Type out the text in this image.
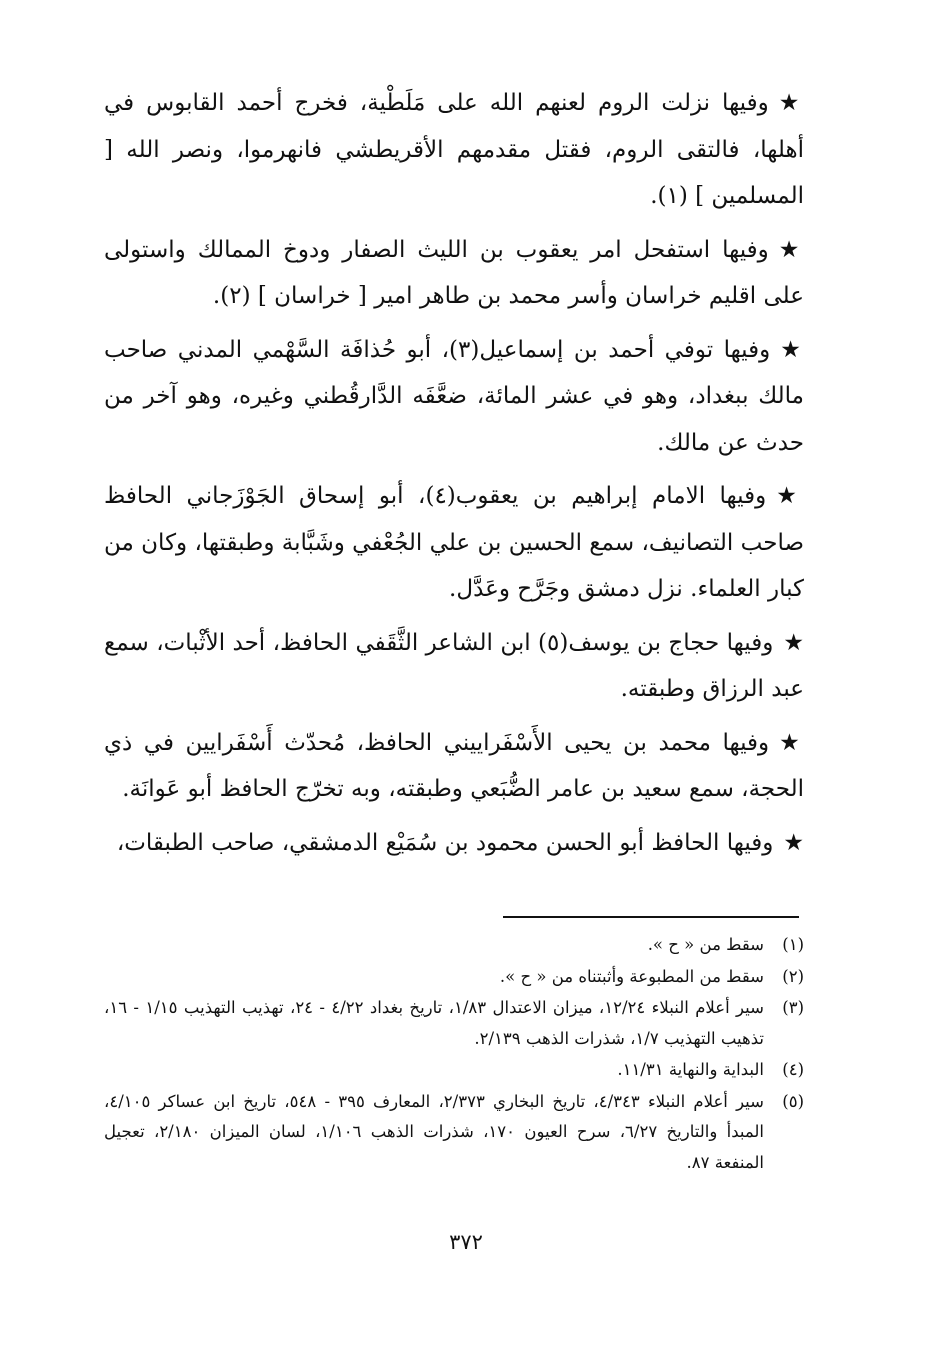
★وفيها نزلت الروم لعنهم الله على مَلَطْية، فخرج أحمد القابوس في أهلها، فالتقى الروم، فقتل مقدمهم الأقريطشي فانهرموا، ونصر الله [ المسلمين ] (١).

★وفيها استفحل امر يعقوب بن الليث الصفار ودوخ الممالك واستولى على اقليم خراسان وأسر محمد بن طاهر امير [ خراسان ] (٢).

★وفيها توفي أحمد بن إسماعيل(٣)، أبو حُذافَة السَّهْمي المدني صاحب مالك ببغداد، وهو في عشر المائة، ضعَّفَه الدَّارقُطني وغيره، وهو آخر من حدث عن مالك.

★وفيها الامام إبراهيم بن يعقوب(٤)، أبو إسحاق الجَوْزَجاني الحافظ صاحب التصانيف، سمع الحسين بن علي الجُعْفي وشَبَّابة وطبقتها، وكان من كبار العلماء. نزل دمشق وجَرَّح وعَدَّل.

★وفيها حجاج بن يوسف(٥) ابن الشاعر الثَّقَفي الحافظ، أحد الأثْبات، سمع عبد الرزاق وطبقته.

★وفيها محمد بن يحيى الأَسْفَراييني الحافظ، مُحدّث أَسْفَرايين في ذي الحجة، سمع سعيد بن عامر الضُّبَعي وطبقته، وبه تخرّج الحافظ أبو عَوانَة.

★وفيها الحافظ أبو الحسن محمود بن سُمَيْع الدمشقي، صاحب الطبقات،

(١)
سقط من « ح ».
(٢)
سقط من المطبوعة وأثبتناه من « ح ».
(٣)
سير أعلام النبلاء ١٢/٢٤، ميزان الاعتدال ١/٨٣، تاريخ بغداد ٤/٢٢ - ٢٤، تهذيب التهذيب ١/١٥ - ١٦، تذهيب التهذيب ١/٧، شذرات الذهب ٢/١٣٩.
(٤)
البداية والنهاية ١١/٣١.
(٥)
سير أعلام النبلاء ٤/٣٤٣، تاريخ البخاري ٢/٣٧٣، المعارف ٣٩٥ - ٥٤٨، تاريخ ابن عساكر ٤/١٠٥، المبدأ والتاريخ ٦/٢٧، سرح العيون ١٧٠، شذرات الذهب ١/١٠٦، لسان الميزان ٢/١٨٠، تعجيل المنفعة ٨٧.
٣٧٢
